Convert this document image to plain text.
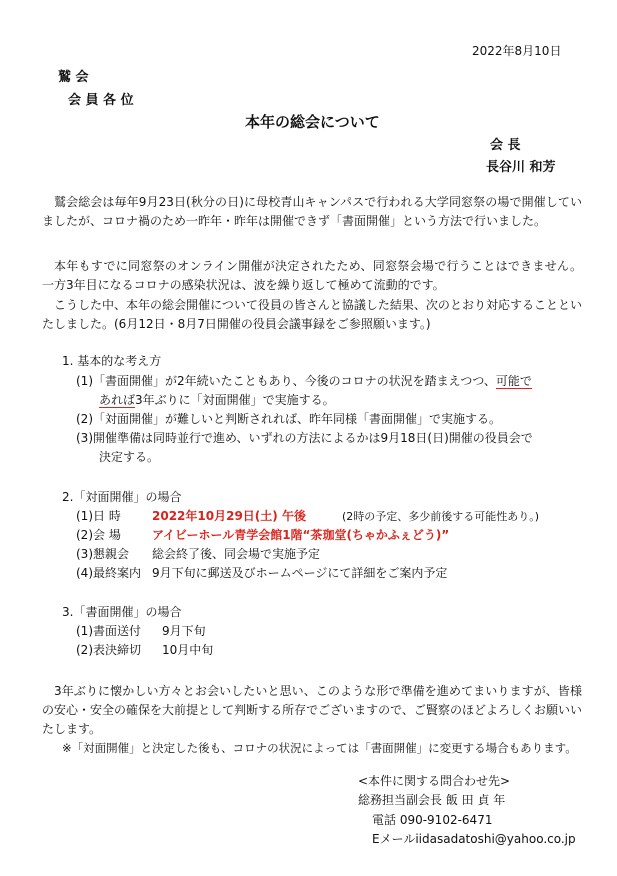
2022年8月10日
鷲 会
会 員 各 位
本年の総会について
会 長
長谷川 和芳
鷲会総会は毎年9月23日(秋分の日)に母校青山キャンパスで行われる大学同窓祭の場で開催していましたが、コロナ禍のため一昨年・昨年は開催できず「書面開催」という方法で行いました。
本年もすでに同窓祭のオンライン開催が決定されたため、同窓祭会場で行うことはできません。一方3年目になるコロナの感染状況は、波を繰り返して極めて流動的です。
こうした中、本年の総会開催について役員の皆さんと協議した結果、次のとおり対応することといたしました。(6月12日・8月7日開催の役員会議事録をご参照願います。)
1. 基本的な考え方
(1)「書面開催」が2年続いたこともあり、今後のコロナの状況を踏まえつつ、可能で
あれば3年ぶりに「対面開催」で実施する。
(2)「対面開催」が難しいと判断されれば、昨年同様「書面開催」で実施する。
(3)開催準備は同時並行で進め、いずれの方法によるかは9月18日(日)開催の役員会で
決定する。
2.「対面開催」の場合
(1)日 時	2022年10月29日(土) 午後	(2時の予定、多少前後する可能性あり。)
(2)会 場	アイビーホール青学会館1階“茶珈堂(ちゃかふぇどう)”
(3)懇親会 総会終了後、同会場で実施予定
(4)最終案内 9月下旬に郵送及びホームページにて詳細をご案内予定
3.「書面開催」の場合
(1)書面送付 9月下旬
(2)表決締切 10月中旬
3年ぶりに懐かしい方々とお会いしたいと思い、このような形で準備を進めてまいりますが、皆様の安心・安全の確保を大前提として判断する所存でございますので、ご賢察のほどよろしくお願いいたします。
※「対面開催」と決定した後も、コロナの状況によっては「書面開催」に変更する場合もあります。
<本件に関する問合わせ先>
総務担当副会長 飯 田 貞 年
電話 090-9102-6471
Eメールiidasadatoshi@yahoo.co.jp
